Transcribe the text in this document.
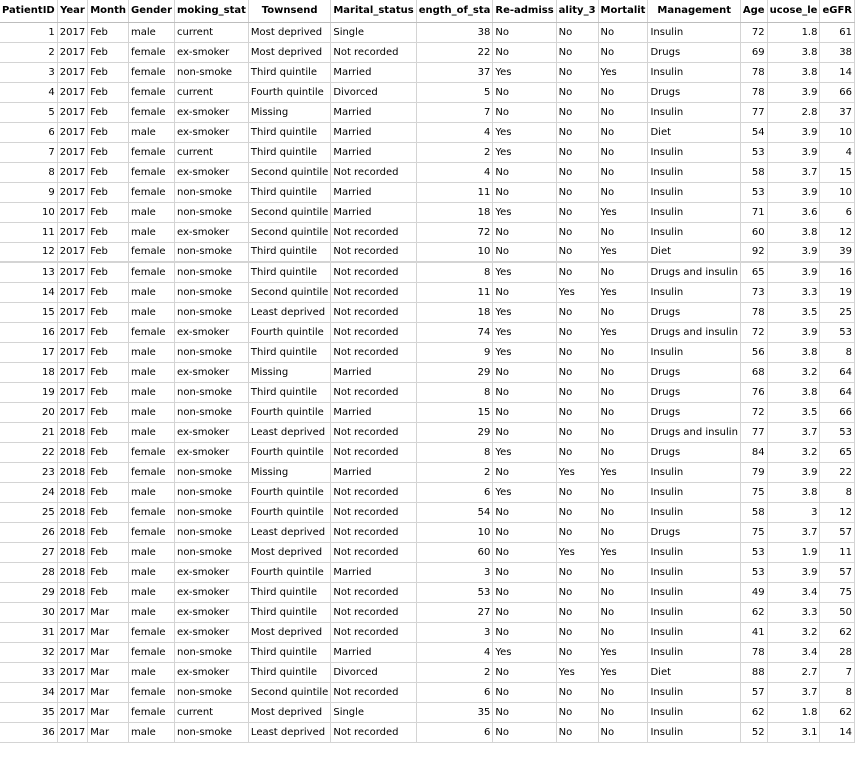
PatientID	Year	Month	Gender	moking_stat	Townsend	Marital_status	ength_of_sta	Re-admiss	ality_3	Mortalit	Management	Age	ucose_le	eGFR
1	2017	Feb	male	current	Most deprived	Single	38	No	No	No	Insulin	72	1.8	61
2	2017	Feb	female	ex-smoker	Most deprived	Not recorded	22	No	No	No	Drugs	69	3.8	38
3	2017	Feb	female	non-smoke	Third quintile	Married	37	Yes	No	Yes	Insulin	78	3.8	14
4	2017	Feb	female	current	Fourth quintile	Divorced	5	No	No	No	Drugs	78	3.9	66
5	2017	Feb	female	ex-smoker	Missing	Married	7	No	No	No	Insulin	77	2.8	37
6	2017	Feb	male	ex-smoker	Third quintile	Married	4	Yes	No	No	Diet	54	3.9	10
7	2017	Feb	female	current	Third quintile	Married	2	Yes	No	No	Insulin	53	3.9	4
8	2017	Feb	female	ex-smoker	Second quintile	Not recorded	4	No	No	No	Insulin	58	3.7	15
9	2017	Feb	female	non-smoke	Third quintile	Married	11	No	No	No	Insulin	53	3.9	10
10	2017	Feb	male	non-smoke	Second quintile	Married	18	Yes	No	Yes	Insulin	71	3.6	6
11	2017	Feb	male	ex-smoker	Second quintile	Not recorded	72	No	No	No	Insulin	60	3.8	12
12	2017	Feb	female	non-smoke	Third quintile	Not recorded	10	No	No	Yes	Diet	92	3.9	39
13	2017	Feb	female	non-smoke	Third quintile	Not recorded	8	Yes	No	No	Drugs and insulin	65	3.9	16
14	2017	Feb	male	non-smoke	Second quintile	Not recorded	11	No	Yes	Yes	Insulin	73	3.3	19
15	2017	Feb	male	non-smoke	Least deprived	Not recorded	18	Yes	No	No	Drugs	78	3.5	25
16	2017	Feb	female	ex-smoker	Fourth quintile	Not recorded	74	Yes	No	Yes	Drugs and insulin	72	3.9	53
17	2017	Feb	male	non-smoke	Third quintile	Not recorded	9	Yes	No	No	Insulin	56	3.8	8
18	2017	Feb	male	ex-smoker	Missing	Married	29	No	No	No	Drugs	68	3.2	64
19	2017	Feb	male	non-smoke	Third quintile	Not recorded	8	No	No	No	Drugs	76	3.8	64
20	2017	Feb	male	non-smoke	Fourth quintile	Married	15	No	No	No	Drugs	72	3.5	66
21	2018	Feb	male	ex-smoker	Least deprived	Not recorded	29	No	No	No	Drugs and insulin	77	3.7	53
22	2018	Feb	female	ex-smoker	Fourth quintile	Not recorded	8	Yes	No	No	Drugs	84	3.2	65
23	2018	Feb	female	non-smoke	Missing	Married	2	No	Yes	Yes	Insulin	79	3.9	22
24	2018	Feb	male	non-smoke	Fourth quintile	Not recorded	6	Yes	No	No	Insulin	75	3.8	8
25	2018	Feb	female	non-smoke	Fourth quintile	Not recorded	54	No	No	No	Insulin	58	3	12
26	2018	Feb	female	non-smoke	Least deprived	Not recorded	10	No	No	No	Drugs	75	3.7	57
27	2018	Feb	male	non-smoke	Most deprived	Not recorded	60	No	Yes	Yes	Insulin	53	1.9	11
28	2018	Feb	male	ex-smoker	Fourth quintile	Married	3	No	No	No	Insulin	53	3.9	57
29	2018	Feb	male	ex-smoker	Third quintile	Not recorded	53	No	No	No	Insulin	49	3.4	75
30	2017	Mar	male	ex-smoker	Third quintile	Not recorded	27	No	No	No	Insulin	62	3.3	50
31	2017	Mar	female	ex-smoker	Most deprived	Not recorded	3	No	No	No	Insulin	41	3.2	62
32	2017	Mar	female	non-smoke	Third quintile	Married	4	Yes	No	Yes	Insulin	78	3.4	28
33	2017	Mar	male	ex-smoker	Third quintile	Divorced	2	No	Yes	Yes	Diet	88	2.7	7
34	2017	Mar	female	non-smoke	Second quintile	Not recorded	6	No	No	No	Insulin	57	3.7	8
35	2017	Mar	female	current	Most deprived	Single	35	No	No	No	Insulin	62	1.8	62
36	2017	Mar	male	non-smoke	Least deprived	Not recorded	6	No	No	No	Insulin	52	3.1	14
